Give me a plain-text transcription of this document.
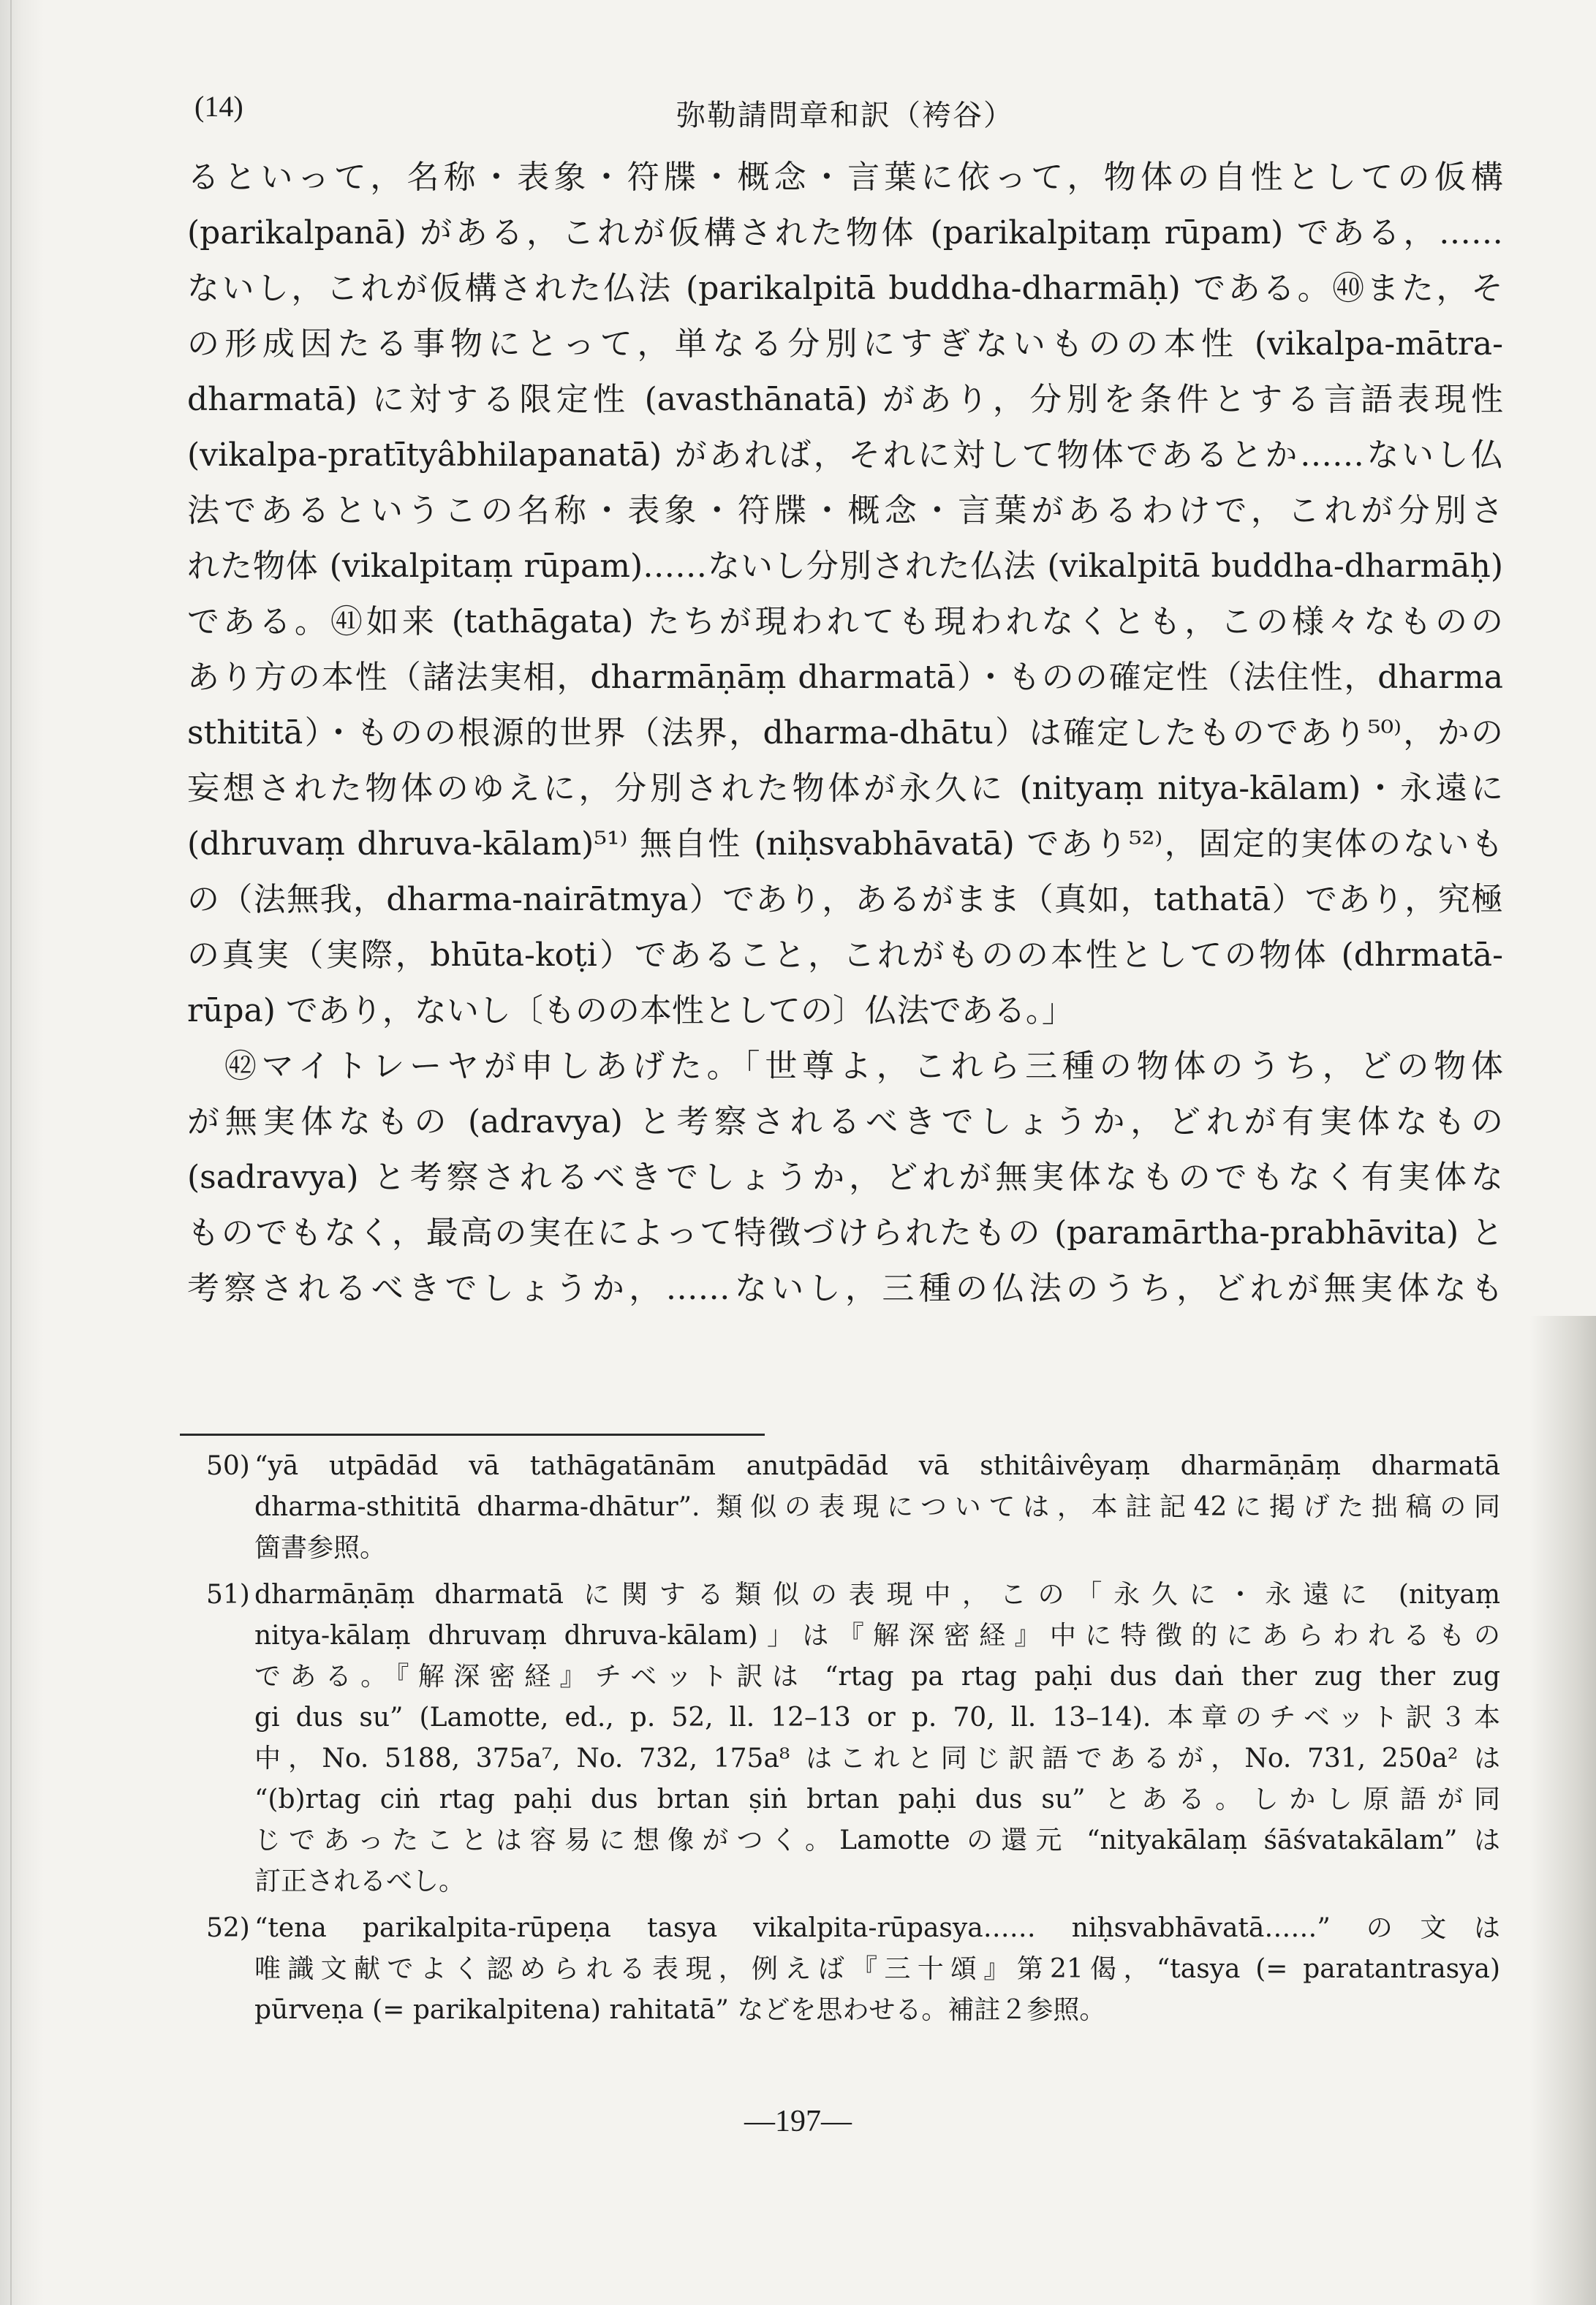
(14)	弥勒請問章和訳（袴谷）
るといって，名称・表象・符牒・概念・言葉に依って，物体の自性としての仮構
(parikalpanā) がある，これが仮構された物体 (parikalpitaṃ rūpam) である，……
ないし，これが仮構された仏法 (parikalpitā buddha-dharmāḥ) である。㊵また，そ
の形成因たる事物にとって，単なる分別にすぎないものの本性 (vikalpa-mātra-
dharmatā) に対する限定性 (avasthānatā) があり，分別を条件とする言語表現性
(vikalpa-pratītyâbhilapanatā) があれば，それに対して物体であるとか……ないし仏
法であるというこの名称・表象・符牒・概念・言葉があるわけで，これが分別さ
れた物体 (vikalpitaṃ rūpam)……ないし分別された仏法 (vikalpitā buddha-dharmāḥ)
である。㊶如来 (tathāgata) たちが現われても現われなくとも，この様々なものの
あり方の本性（諸法実相，dharmāṇāṃ dharmatā）・ものの確定性（法住性，dharma
sthititā）・ものの根源的世界（法界，dharma-dhātu）は確定したものであり⁵⁰⁾，かの
妄想された物体のゆえに，分別された物体が永久に (nityaṃ nitya-kālam)・永遠に
(dhruvaṃ dhruva-kālam)⁵¹⁾ 無自性 (niḥsvabhāvatā) であり⁵²⁾，固定的実体のないも
の（法無我，dharma-nairātmya）であり，あるがまま（真如，tathatā）であり，究極
の真実（実際，bhūta-koṭi）であること，これがものの本性としての物体 (dhrmatā-
rūpa) であり，ないし〔ものの本性としての〕仏法である。」
　㊷マイトレーヤが申しあげた。「世尊よ，これら三種の物体のうち，どの物体
が無実体なもの (adravya) と考察されるべきでしょうか，どれが有実体なもの
(sadravya) と考察されるべきでしょうか，どれが無実体なものでもなく有実体な
ものでもなく，最高の実在によって特徴づけられたもの (paramārtha-prabhāvita) と
考察されるべきでしょうか，……ないし，三種の仏法のうち，どれが無実体なも
50) “yā utpādād vā tathāgatānām anutpādād vā sthitâivêyaṃ dharmāṇāṃ dharmatā
dharma-sthititā dharma-dhātur”. 類似の表現については，本註記42に掲げた拙稿の同
箇書参照。
51) dharmāṇāṃ dharmatā に関する類似の表現中，この「永久に・永遠に (nityaṃ
nitya-kālaṃ dhruvaṃ dhruva-kālam)」は『解深密経』中に特徴的にあらわれるもの
である。『解深密経』チベット訳は “rtag pa rtag paḥi dus daṅ ther zug ther zug
gi dus su” (Lamotte, ed., p. 52, ll. 12–13 or p. 70, ll. 13–14). 本章のチベット訳３本
中，No. 5188, 375a⁷, No. 732, 175a⁸ はこれと同じ訳語であるが，No. 731, 250a² は
“(b)rtag ciṅ rtag paḥi dus brtan ṣiṅ brtan paḥi dus su” とある。しかし原語が同
じであったことは容易に想像がつく。Lamotte の還元 “nityakālaṃ śāśvatakālam” は
訂正されるべし。
52) “tena parikalpita-rūpeṇa tasya vikalpita-rūpasya…… niḥsvabhāvatā……” の文は
唯識文献でよく認められる表現，例えば『三十頌』第21偈，“tasya (= paratantrasya)
pūrveṇa (= parikalpitena) rahitatā” などを思わせる。補註２参照。
—197—
